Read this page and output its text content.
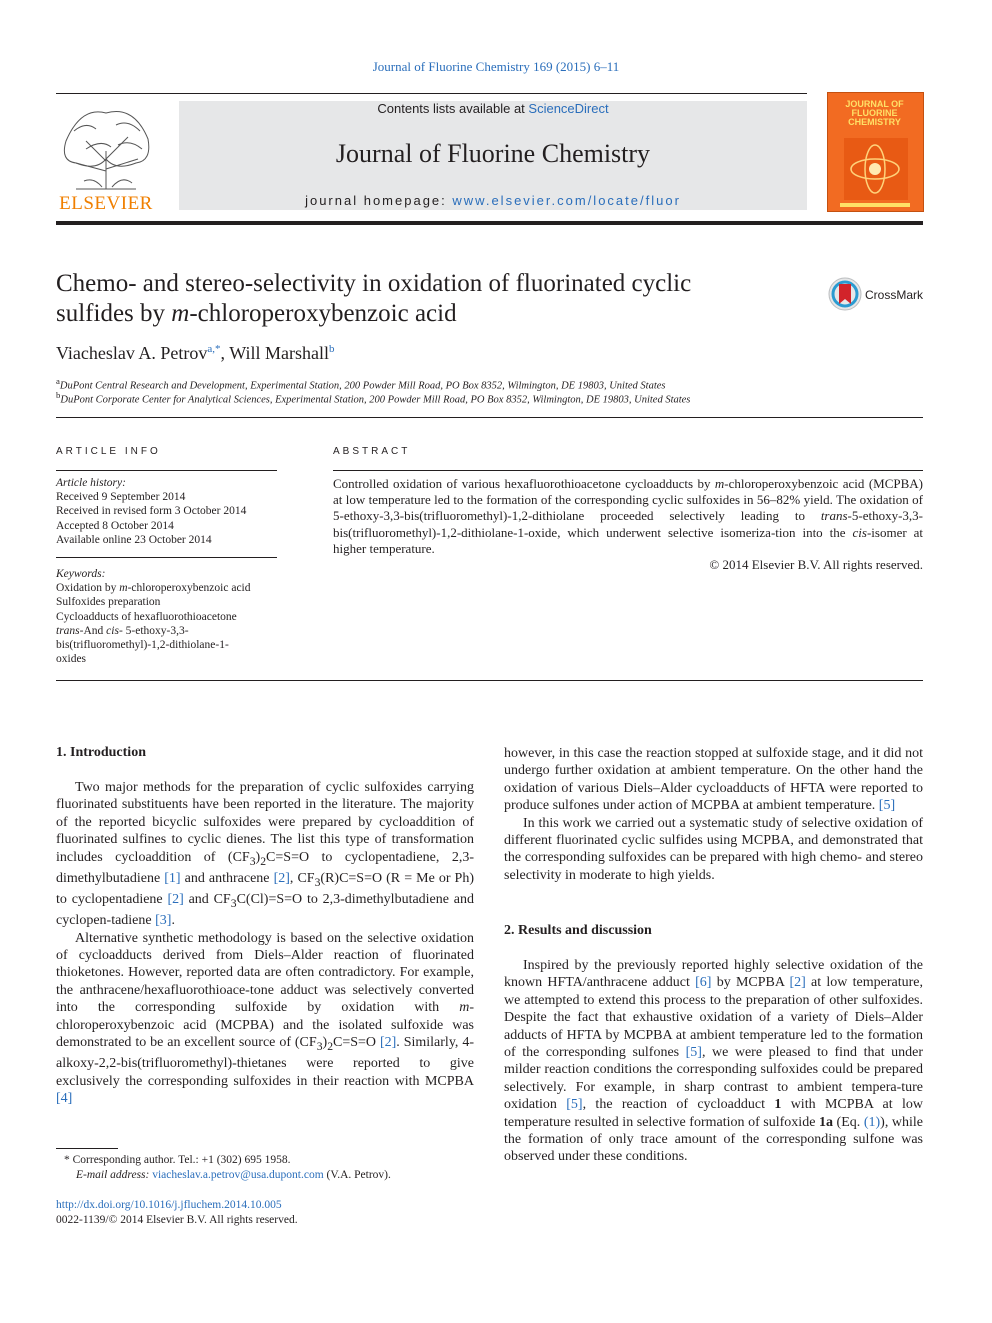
Journal of Fluorine Chemistry 169 (2015) 6–11
ELSEVIER
Contents lists available at ScienceDirect
Journal of Fluorine Chemistry
journal homepage: www.elsevier.com/locate/fluor
JOURNAL OF FLUORINE CHEMISTRY
Chemo- and stereo-selectivity in oxidation of fluorinated cyclic
sulfides by m-chloroperoxybenzoic acid
CrossMark
Viacheslav A. Petrov$^{a,*}$, Will Marshall$^b$
$^a$DuPont Central Research and Development, Experimental Station, 200 Powder Mill Road, PO Box 8352, Wilmington, DE 19803, United States
$^b$DuPont Corporate Center for Analytical Sciences, Experimental Station, 200 Powder Mill Road, PO Box 8352, Wilmington, DE 19803, United States
ARTICLE INFO
Article history:
Received 9 September 2014
Received in revised form 3 October 2014
Accepted 8 October 2014
Available online 23 October 2014
Keywords:
Oxidation by m-chloroperoxybenzoic acid
Sulfoxides preparation
Cycloadducts of hexafluorothioacetone
trans-And cis- 5-ethoxy-3,3-
bis(trifluoromethyl)-1,2-dithiolane-1-
oxides
ABSTRACT
Controlled oxidation of various hexafluorothioacetone cycloadducts by m-chloroperoxybenzoic acid (MCPBA) at low temperature led to the formation of the corresponding cyclic sulfoxides in 56–82% yield. The oxidation of 5-ethoxy-3,3-bis(trifluoromethyl)-1,2-dithiolane proceeded selectively leading to trans-5-ethoxy-3,3-bis(trifluoromethyl)-1,2-dithiolane-1-oxide, which underwent selective isomeriza-tion into the cis-isomer at higher temperature.
© 2014 Elsevier B.V. All rights reserved.
1. Introduction

Two major methods for the preparation of cyclic sulfoxides carrying fluorinated substituents have been reported in the literature. The majority of the reported bicyclic sulfoxides were prepared by cycloaddition of fluorinated sulfines to cyclic dienes. The list this type of transformation includes cycloaddition of $(CF_3)_2C=S=O$ to cyclopentadiene, 2,3-dimethylbutadiene [1] and anthracene [2], $CF_3(R)C=S=O$ (R = Me or Ph) to cyclopentadiene [2] and $CF_3C(Cl)=S=O$ to 2,3-dimethylbutadiene and cyclopen-tadiene [3].

Alternative synthetic methodology is based on the selective oxidation of cycloadducts derived from Diels–Alder reaction of fluorinated thioketones. However, reported data are often contradictory. For example, the anthracene/hexafluorothioace-tone adduct was selectively converted into the corresponding sulfoxide by oxidation with m-chloroperoxybenzoic acid (MCPBA) and the isolated sulfoxide was demonstrated to be an excellent source of $(CF_3)_2C=S=O$ [2]. Similarly, 4-alkoxy-2,2-bis(trifluoromethyl)-thietanes were reported to give exclusively the corresponding sulfoxides in their reaction with MCPBA [4]

* Corresponding author. Tel.: +1 (302) 695 1958.
E-mail address: viacheslav.a.petrov@usa.dupont.com (V.A. Petrov).
http://dx.doi.org/10.1016/j.jfluchem.2014.10.005
0022-1139/© 2014 Elsevier B.V. All rights reserved.

however, in this case the reaction stopped at sulfoxide stage, and it did not undergo further oxidation at ambient temperature. On the other hand the oxidation of various Diels–Alder cycloadducts of HFTA were reported to produce sulfones under action of MCPBA at ambient temperature. [5]

In this work we carried out a systematic study of selective oxidation of different fluorinated cyclic sulfides using MCPBA, and demonstrated that the corresponding sulfoxides can be prepared with high chemo- and stereo selectivity in moderate to high yields.

2. Results and discussion

Inspired by the previously reported highly selective oxidation of the known HFTA/anthracene adduct [6] by MCPBA [2] at low temperature, we attempted to extend this process to the preparation of other sulfoxides. Despite the fact that exhaustive oxidation of a variety of Diels–Alder adducts of HFTA by MCPBA at ambient temperature led to the formation of the corresponding sulfones [5], we were pleased to find that under milder reaction conditions the corresponding sulfoxides could be prepared selectively. For example, in sharp contrast to ambient tempera-ture oxidation [5], the reaction of cycloadduct 1 with MCPBA at low temperature resulted in selective formation of sulfoxide 1a (Eq. (1)), while the formation of only trace amount of the corresponding sulfone was observed under these conditions.
